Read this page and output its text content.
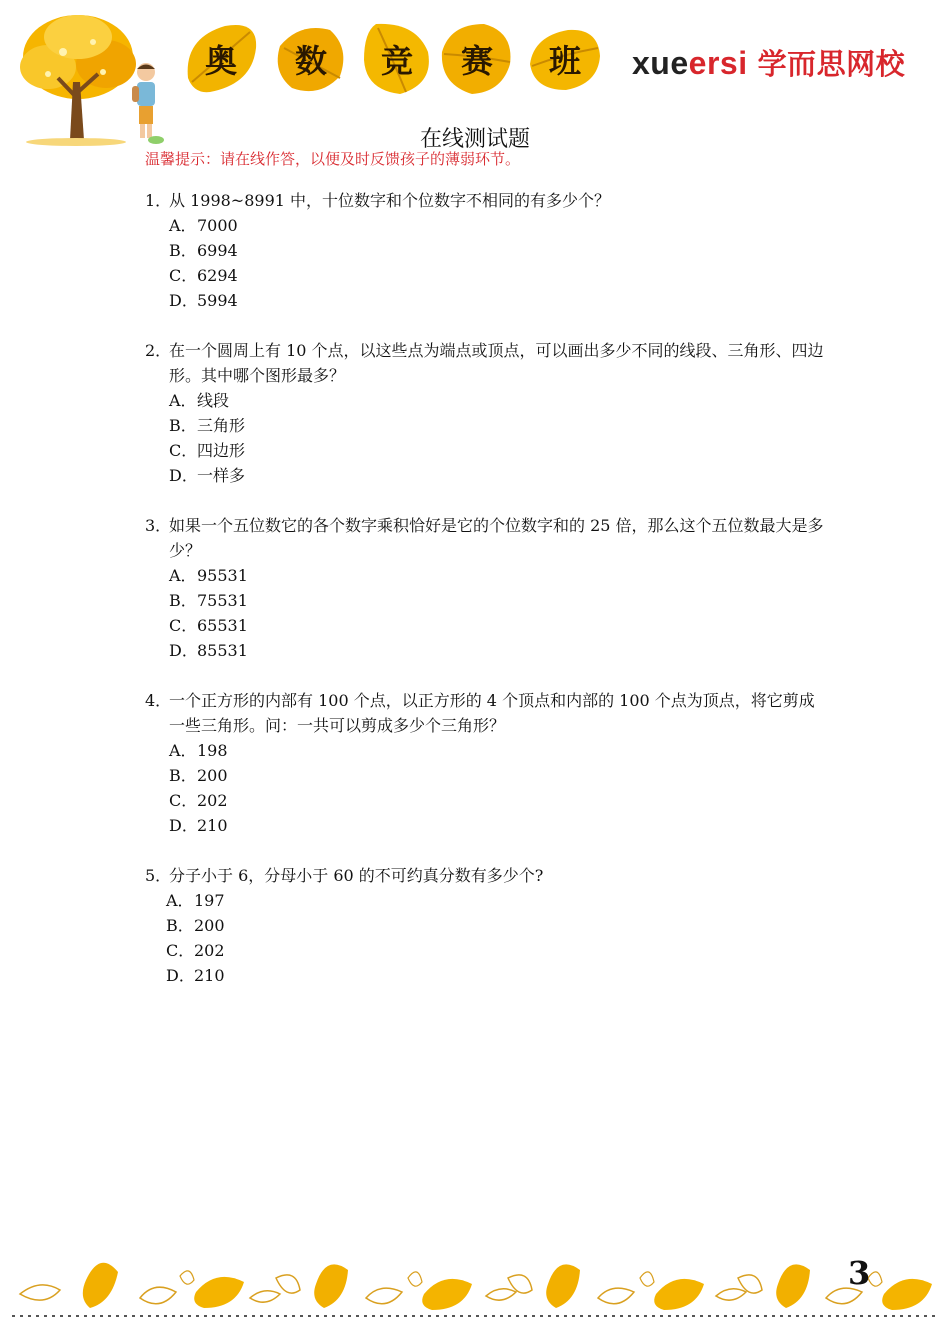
奥	数	竞	赛	班	xueersi 学而思网校
在线测试题
温馨提示：请在线作答，以便及时反馈孩子的薄弱环节。
1．
从 1998~8991 中，十位数字和个位数字不相同的有多少个？
A． 7000
B． 6994
C． 6294
D． 5994
2．
在一个圆周上有 10 个点，以这些点为端点或顶点，可以画出多少不同的线段、三角形、四边形。其中哪个图形最多？
A． 线段
B． 三角形
C． 四边形
D． 一样多
3．
如果一个五位数它的各个数字乘积恰好是它的个位数字和的 25 倍，那么这个五位数最大是多少？
A． 95531
B． 75531
C． 65531
D． 85531
4．
一个正方形的内部有 100 个点，以正方形的 4 个顶点和内部的 100 个点为顶点，将它剪成一些三角形。问：一共可以剪成多少个三角形？
A． 198
B． 200
C． 202
D． 210
5．
分子小于 6，分母小于 60 的不可约真分数有多少个?
A． 197
B． 200
C． 202
D． 210
3
